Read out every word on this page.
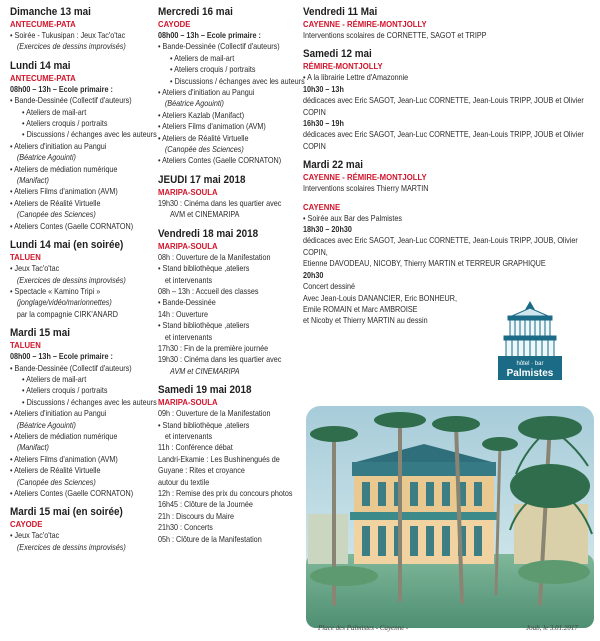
Dimanche 13 mai
ANTECUME-PATA
• Soirée - Tukusipan : Jeux Tac'o'tac
(Exercices de dessins improvisés)
Lundi 14 mai
ANTECUME-PATA
08h00 – 13h – Ecole primaire :
• Bande-Dessinée (Collectif d'auteurs)
• Ateliers de mail-art
• Ateliers croquis / portraits
• Discussions / échanges avec les auteurs
• Ateliers d'initiation au Pangui
(Béatrice Agouinti)
• Ateliers de médiation numérique
(Manifact)
• Ateliers Films d'animation (AVM)
• Ateliers de Réalité Virtuelle
(Canopée des Sciences)
• Ateliers Contes (Gaelle CORNATON)
Lundi 14 mai (en soirée)
TALUEN
• Jeux Tac'o'tac
(Exercices de dessins improvisés)
• Spectacle « Kamino Tripi »
(jonglage/vidéo/marionnettes)
par la compagnie CIRK'ANARD
Mardi 15 mai
TALUEN
08h00 – 13h – Ecole primaire :
• Bande-Dessinée (Collectif d'auteurs)
• Ateliers de mail-art
• Ateliers croquis / portraits
• Discussions / échanges avec les auteurs
• Ateliers d'initiation au Pangui
(Béatrice Agouinti)
• Ateliers de médiation numérique
(Manifact)
• Ateliers Films d'animation (AVM)
• Ateliers de Réalité Virtuelle
(Canopée des Sciences)
• Ateliers Contes (Gaelle CORNATON)
Mardi 15 mai (en soirée)
CAYODE
• Jeux Tac'o'tac
(Exercices de dessins improvisés)
Mercredi 16 mai
CAYODE
08h00 – 13h – Ecole primaire :
• Bande-Dessinée (Collectif d'auteurs)
• Ateliers de mail-art
• Ateliers croquis / portraits
• Discussions / échanges avec les auteurs
• Ateliers d'initiation au Pangui
(Béatrice Agouinti)
• Ateliers Kazlab (Manifact)
• Ateliers Films d'animation (AVM)
• Ateliers de Réalité Virtuelle
(Canopée des Sciences)
• Ateliers Contes (Gaelle CORNATON)
JEUDI 17 mai 2018
MARIPA-SOULA
19h30 : Cinéma dans les quartier avec
AVM et CINEMARIPA
Vendredi 18 mai 2018
MARIPA-SOULA
08h : Ouverture de la Manifestation
• Stand bibliothèque ,ateliers
et intervenants
08h – 13h : Accueil des classes
• Bande-Dessinée
14h : Ouverture
• Stand bibliothèque ,ateliers
et intervenants
17h30 : Fin de la première journée
19h30 : Cinéma dans les quartier avec
AVM et CINEMARIPA
Samedi 19 mai 2018
MARIPA-SOULA
09h : Ouverture de la Manifestation
• Stand bibliothèque ,ateliers
et intervenants
11h : Conférence débat
Landri-Ekamie : Les Bushinengués de
Guyane : Rites et croyance
autour du textile
12h : Remise des prix du concours photos
16h45 : Clôture de la Journée
21h : Discours du Maire
21h30 : Concerts
05h : Clôture de la Manifestation
Vendredi 11 Mai
CAYENNE - RÉMIRE-MONTJOLLY
Interventions scolaires de CORNETTE, SAGOT et TRIPP
Samedi 12 mai
RÉMIRE-MONTJOLLY
• A la librairie Lettre d'Amazonnie
10h30 – 13h
dédicaces avec Eric SAGOT, Jean-Luc CORNETTE, Jean-Louis TRIPP, JOUB et Olivier COPIN
16h30 – 19h
dédicaces avec Eric SAGOT, Jean-Luc CORNETTE, Jean-Louis TRIPP, JOUB et Olivier COPIN
Mardi 22 mai
CAYENNE - RÉMIRE-MONTJOLLY
Interventions scolaires Thierry MARTIN
CAYENNE
• Soirée aux Bar des Palmistes
18h30 – 20h30
dédicaces avec Eric SAGOT, Jean-Luc CORNETTE, Jean-Louis TRIPP, JOUB, Olivier COPIN,
Etienne DAVODEAU, NICOBY, Thierry MARTIN et TERREUR GRAPHIQUE
20h30
Concert dessiné
Avec Jean-Louis DANANCIER, Eric BONHEUR,
Emile ROMAIN et Marc AMBROISE
et Nicoby et Thierry MARTIN au dessin
hôtel · bar
Palmistes
Place des Palmistes - Cayenne -	Joub, le 3.01.2017
